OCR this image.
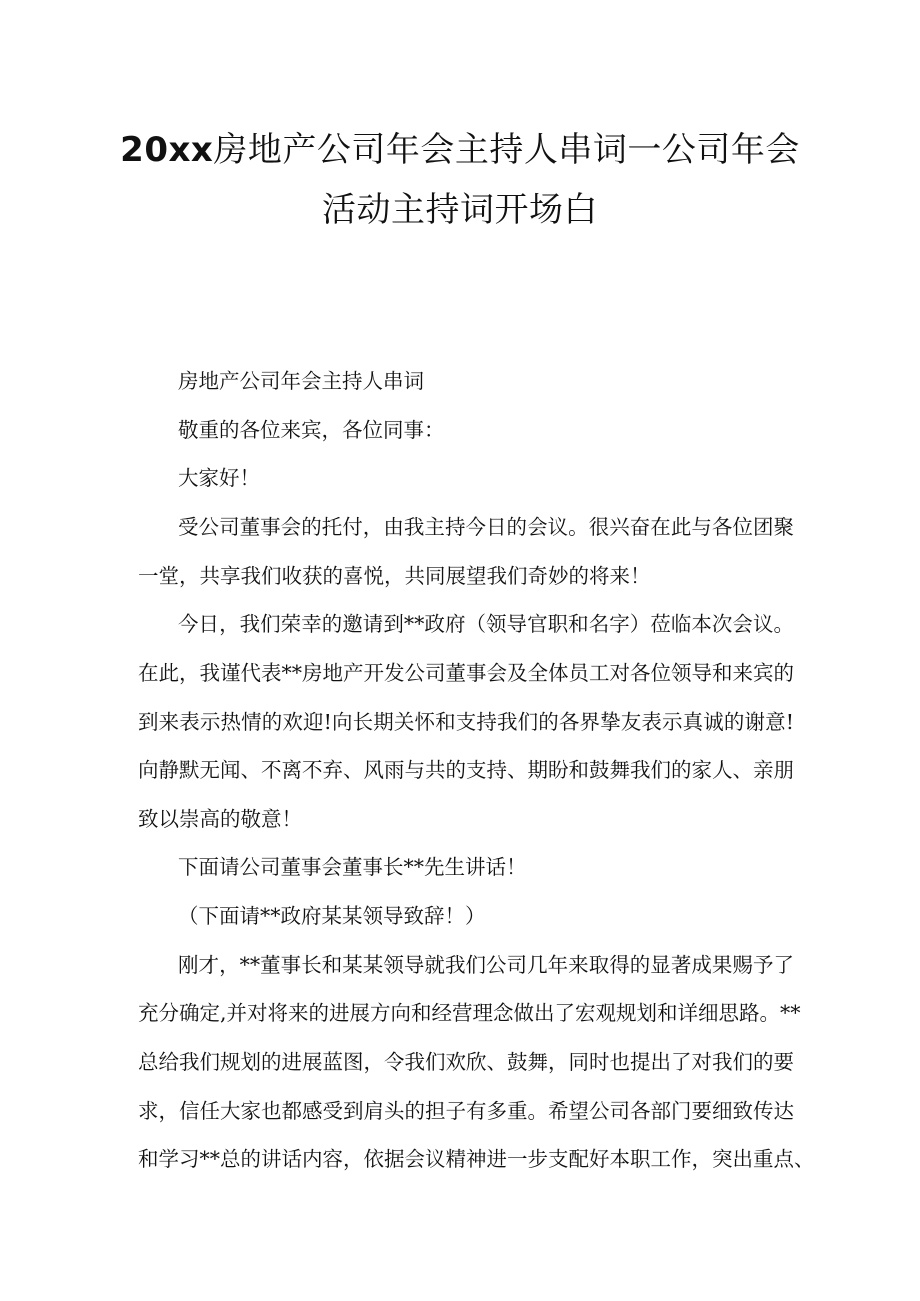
20xx房地产公司年会主持人串词一公司年会
活动主持词开场白
房地产公司年会主持人串词
敬重的各位来宾，各位同事：
大家好！
受公司董事会的托付，由我主持今日的会议。很兴奋在此与各位团聚
一堂，共享我们收获的喜悦，共同展望我们奇妙的将来！
今日，我们荣幸的邀请到**政府（领导官职和名字）莅临本次会议。
在此，我谨代表**房地产开发公司董事会及全体员工对各位领导和来宾的
到来表示热情的欢迎!向长期关怀和支持我们的各界挚友表示真诚的谢意!
向静默无闻、不离不弃、风雨与共的支持、期盼和鼓舞我们的家人、亲朋
致以崇高的敬意！
下面请公司董事会董事长**先生讲话！
（下面请**政府某某领导致辞！）
刚才，**董事长和某某领导就我们公司几年来取得的显著成果赐予了
充分确定,并对将来的进展方向和经营理念做出了宏观规划和详细思路。**
总给我们规划的进展蓝图，令我们欢欣、鼓舞，同时也提出了对我们的要
求，信任大家也都感受到肩头的担子有多重。希望公司各部门要细致传达
和学习**总的讲话内容，依据会议精神进一步支配好本职工作，突出重点、
